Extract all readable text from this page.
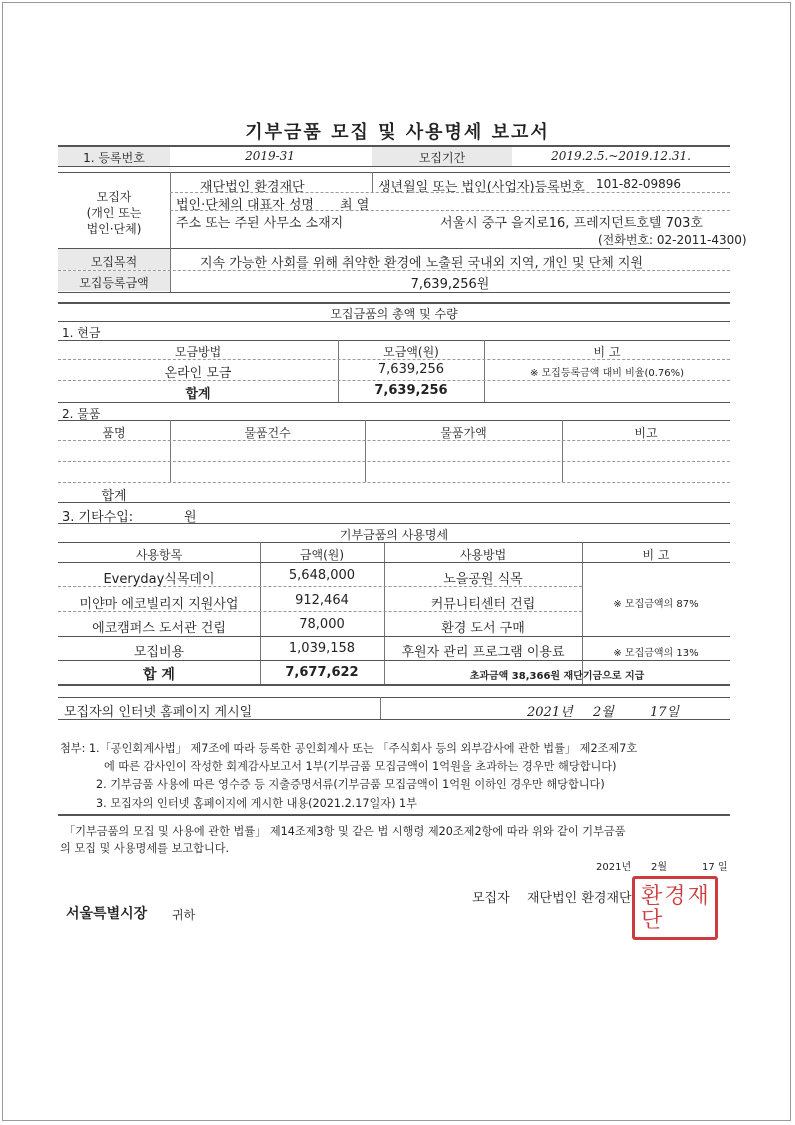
기부금품 모집 및 사용명세 보고서
1. 등록번호	2019-31	모집기간	2019.2.5.~2019.12.31.
모집자
(개인 또는
법인·단체)
재단법인 환경재단	생년월일 또는 법인(사업자)등록번호 101-82-09896
법인·단체의 대표자 성명 최 열
주소 또는 주된 사무소 소재지	서울시 중구 을지로16, 프레지던트호텔 703호
(전화번호: 02-2011-4300)
모집목적	지속 가능한 사회를 위해 취약한 환경에 노출된 국내외 지역, 개인 및 단체 지원
모집등록금액	7,639,256원
모집금품의 총액 및 수량
1. 현금
모금방법	모금액(원)	비 고
온라인 모금	7,639,256	※ 모집등록금액 대비 비율(0.76%)
합계	7,639,256
2. 물품
품명	물품건수	물품가액	비고
합계
3. 기타수입:	원
기부금품의 사용명세
사용항목	금액(원)	사용방법	비 고
Everyday식목데이	5,648,000	노을공원 식목
미얀마 에코빌리지 지원사업	912,464	커뮤니티센터 건립	※ 모집금액의 87%
에코캠퍼스 도서관 건립	78,000	환경 도서 구매
모집비용	1,039,158	후원자 관리 프로그램 이용료	※ 모집금액의 13%
합 계	7,677,622	초과금액 38,366원 재단기금으로 지급
모집자의 인터넷 홈페이지 게시일	2021년 2월	17일
첨부: 1.「공인회계사법」 제7조에 따라 등록한 공인회계사 또는 「주식회사 등의 외부감사에 관한 법률」 제2조제7호
에 따른 감사인이 작성한 회계감사보고서 1부(기부금품 모집금액이 1억원을 초과하는 경우만 해당합니다)
2. 기부금품 사용에 따른 영수증 등 지출증명서류(기부금품 모집금액이 1억원 이하인 경우만 해당합니다)
3. 모집자의 인터넷 홈페이지에 게시한 내용(2021.2.17일자) 1부
「기부금품의 모집 및 사용에 관한 법률」 제14조제3항 및 같은 법 시행령 제20조제2항에 따라 위와 같이 기부금품
의 모집 및 사용명세를 보고합니다.
2021년 2월	17 일
모집자 재단법인 환경재단
서울특별시장 귀하
환경재단
